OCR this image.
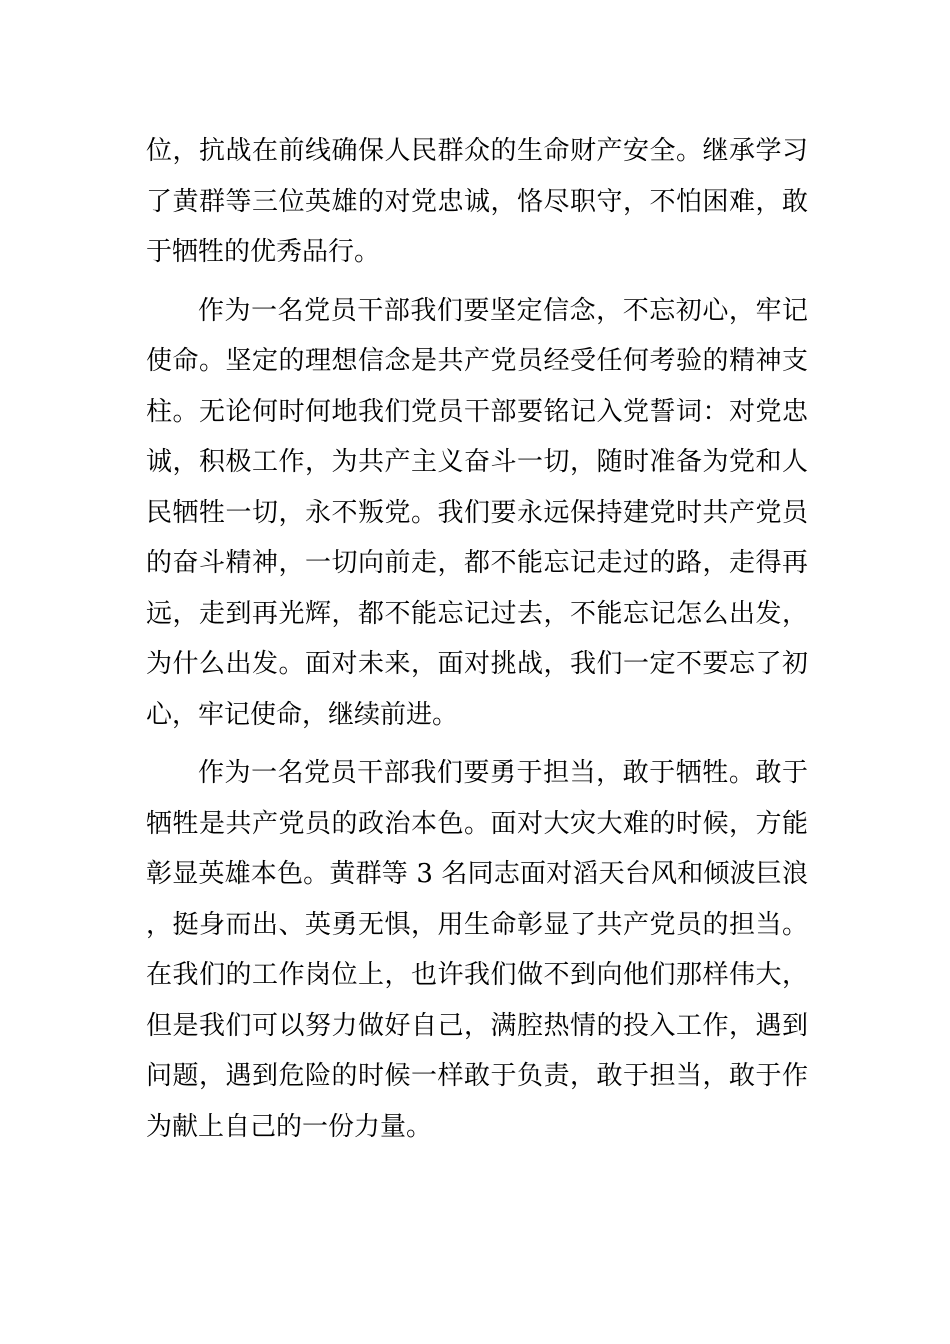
位，抗战在前线确保人民群众的生命财产安全。继承学习了黄群等三位英雄的对党忠诚，恪尽职守，不怕困难，敢于牺牲的优秀品行。

作为一名党员干部我们要坚定信念，不忘初心，牢记使命。坚定的理想信念是共产党员经受任何考验的精神支柱。无论何时何地我们党员干部要铭记入党誓词：对党忠诚，积极工作，为共产主义奋斗一切，随时准备为党和人民牺牲一切，永不叛党。我们要永远保持建党时共产党员的奋斗精神，一切向前走，都不能忘记走过的路，走得再远，走到再光辉，都不能忘记过去，不能忘记怎么出发，为什么出发。面对未来，面对挑战，我们一定不要忘了初心，牢记使命，继续前进。

作为一名党员干部我们要勇于担当，敢于牺牲。敢于牺牲是共产党员的政治本色。面对大灾大难的时候，方能彰显英雄本色。黄群等 3 名同志面对滔天台风和倾波巨浪，挺身而出、英勇无惧，用生命彰显了共产党员的担当。在我们的工作岗位上，也许我们做不到向他们那样伟大，但是我们可以努力做好自己，满腔热情的投入工作，遇到问题，遇到危险的时候一样敢于负责，敢于担当，敢于作为献上自己的一份力量。
